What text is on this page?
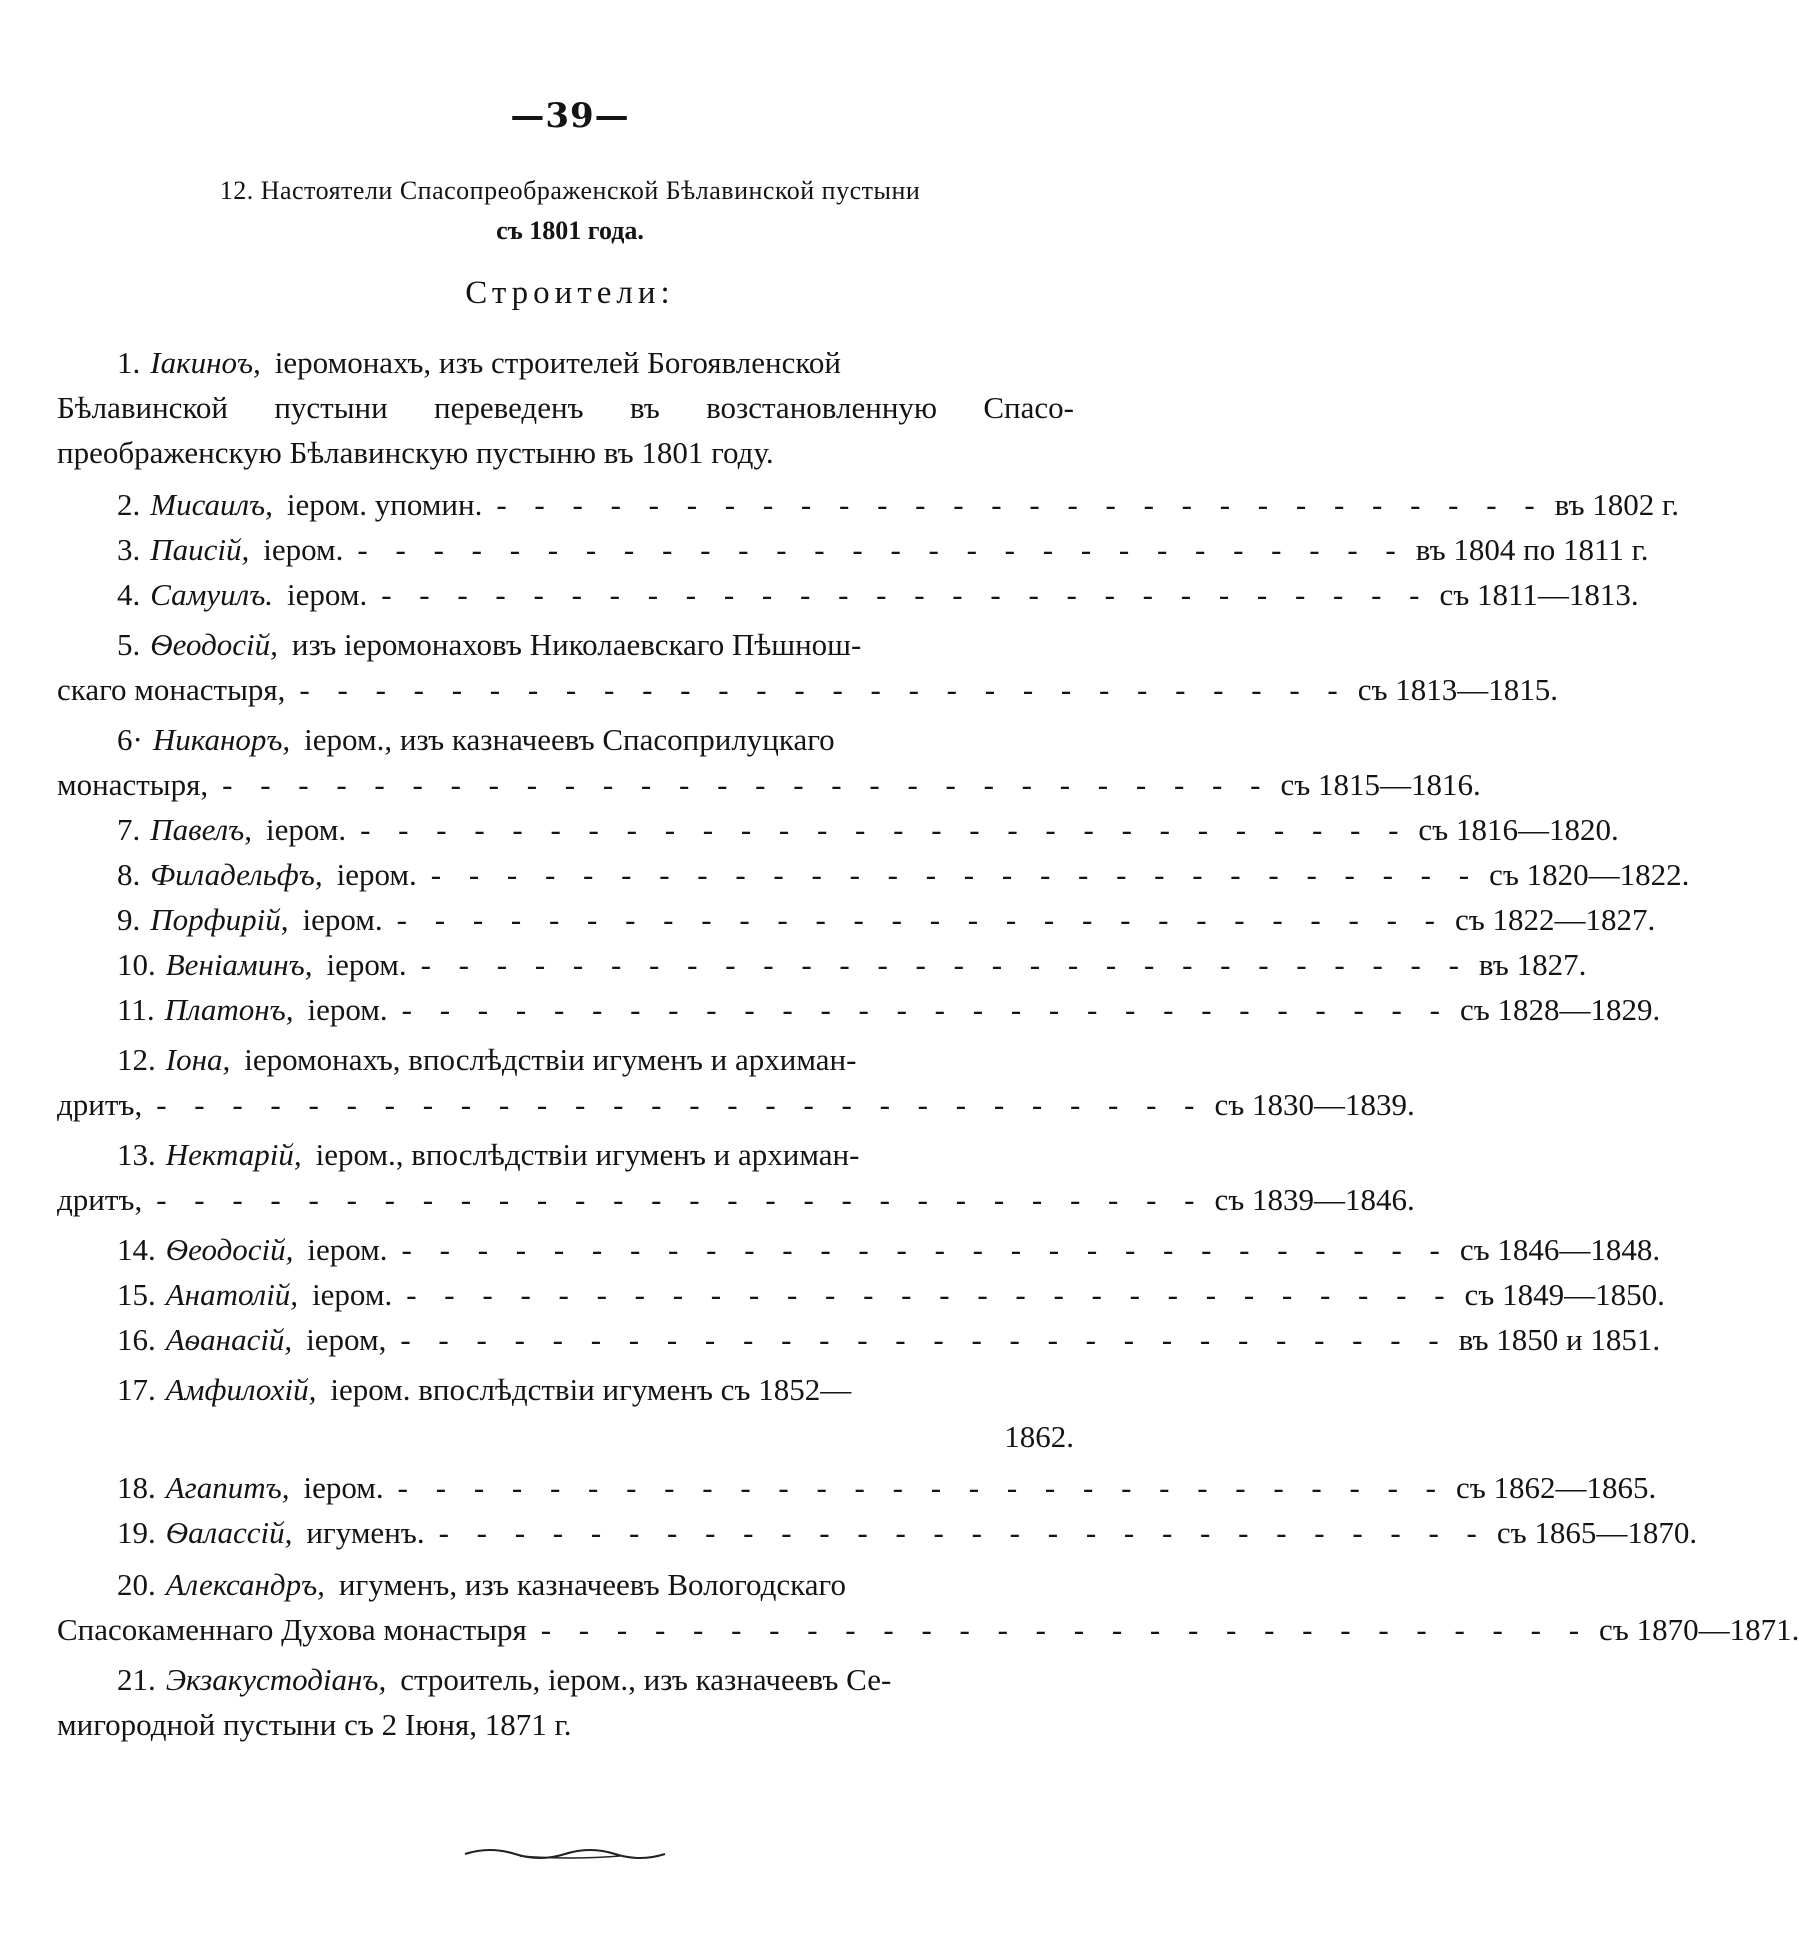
—39—
12. Настоятели Спасопреображенской Бѣлавинской пустыни
съ 1801 года.
Строители:
1. Іакиноъ, іеромонахъ, изъ строителей Богоявленской
Бѣлавинской пустыни переведенъ въ возстановленную Спасо-
преображенскую Бѣлавинскую пустыню въ 1801 году.
2. Мисаилъ, іером. упомин. - - - - - - - - - - - - - - - - - - - - - - - - - - - - въ 1802 г.
3. Паисій, іером. - - - - - - - - - - - - - - - - - - - - - - - - - - - - въ 1804 по 1811 г.
4. Самуилъ. іером. - - - - - - - - - - - - - - - - - - - - - - - - - - - - съ 1811—1813.
5. Ѳеодосій, изъ іеромонаховъ Николаевскаго Пѣшнош-
скаго монастыря, - - - - - - - - - - - - - - - - - - - - - - - - - - - - съ 1813—1815.
6· Никаноръ, іером., изъ казначеевъ Спасоприлуцкаго
монастыря, - - - - - - - - - - - - - - - - - - - - - - - - - - - - съ 1815—1816.
7. Павелъ, іером. - - - - - - - - - - - - - - - - - - - - - - - - - - - - съ 1816—1820.
8. Филадельфъ, іером. - - - - - - - - - - - - - - - - - - - - - - - - - - - - съ 1820—1822.
9. Порфирій, іером. - - - - - - - - - - - - - - - - - - - - - - - - - - - - съ 1822—1827.
10. Веніаминъ, іером. - - - - - - - - - - - - - - - - - - - - - - - - - - - - въ 1827.
11. Платонъ, іером. - - - - - - - - - - - - - - - - - - - - - - - - - - - - съ 1828—1829.
12. Іона, іеромонахъ, впослѣдствіи игуменъ и архиман-
дритъ, - - - - - - - - - - - - - - - - - - - - - - - - - - - - съ 1830—1839.
13. Нектарій, іером., впослѣдствіи игуменъ и архиман-
дритъ, - - - - - - - - - - - - - - - - - - - - - - - - - - - - съ 1839—1846.
14. Ѳеодосій, іером. - - - - - - - - - - - - - - - - - - - - - - - - - - - - съ 1846—1848.
15. Анатолій, іером. - - - - - - - - - - - - - - - - - - - - - - - - - - - - съ 1849—1850.
16. Аѳанасій, іером, - - - - - - - - - - - - - - - - - - - - - - - - - - - - въ 1850 и 1851.
17. Амфилохій, іером. впослѣдствіи игуменъ съ 1852—
1862.
18. Агапитъ, іером. - - - - - - - - - - - - - - - - - - - - - - - - - - - - съ 1862—1865.
19. Ѳалассій, игуменъ. - - - - - - - - - - - - - - - - - - - - - - - - - - - - съ 1865—1870.
20. Александръ, игуменъ, изъ казначеевъ Вологодскаго
Спасокаменнаго Духова монастыря - - - - - - - - - - - - - - - - - - - - - - - - - - - - съ 1870—1871.
21. Экзакустодіанъ, строитель, іером., изъ казначеевъ Се-
мигородной пустыни съ 2 Іюня, 1871 г.
